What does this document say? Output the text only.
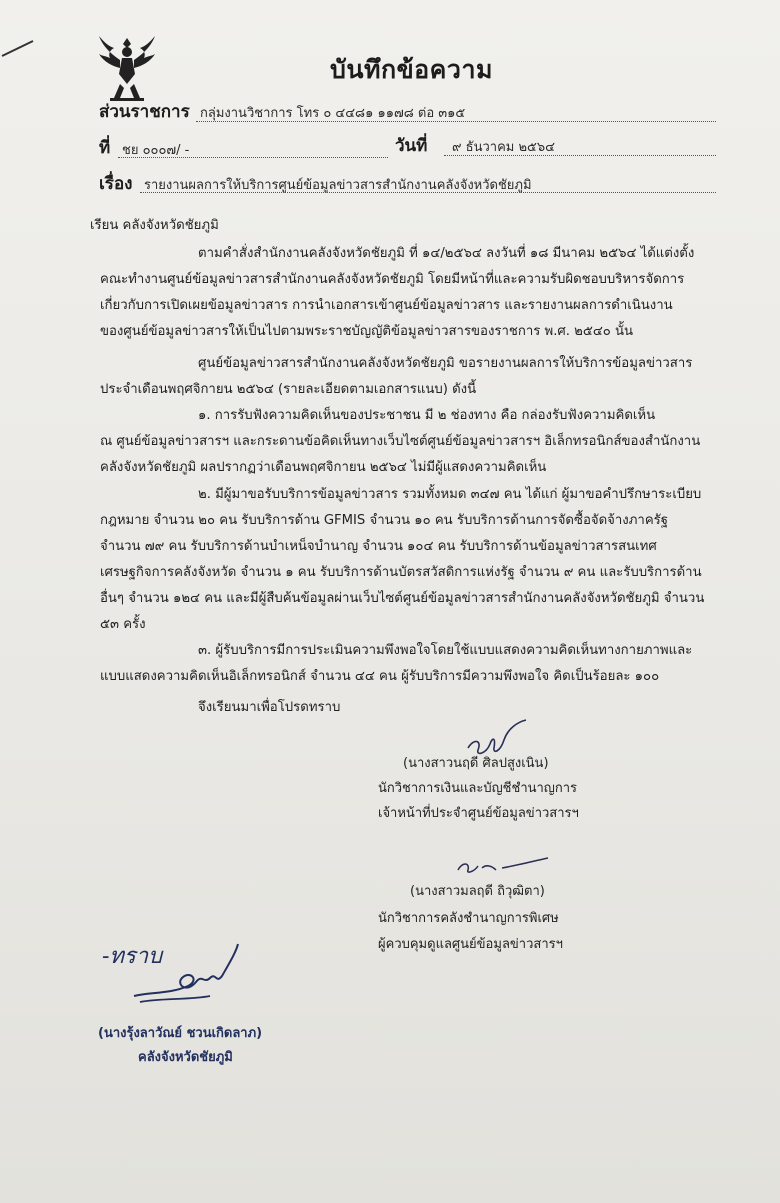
บันทึกข้อความ
ส่วนราชการ กลุ่มงานวิชาการ โทร ๐ ๔๔๘๑ ๑๑๗๘ ต่อ ๓๑๕
ที่ ชย ๐๐๐๗/ -	วันที่ ๙ ธันวาคม ๒๕๖๔
เรื่อง รายงานผลการให้บริการศูนย์ข้อมูลข่าวสารสำนักงานคลังจังหวัดชัยภูมิ
เรียน คลังจังหวัดชัยภูมิ
ตามคำสั่งสำนักงานคลังจังหวัดชัยภูมิ ที่ ๑๔/๒๕๖๔ ลงวันที่ ๑๘ มีนาคม ๒๕๖๔ ได้แต่งตั้ง
คณะทำงานศูนย์ข้อมูลข่าวสารสำนักงานคลังจังหวัดชัยภูมิ โดยมีหน้าที่และความรับผิดชอบบริหารจัดการ
เกี่ยวกับการเปิดเผยข้อมูลข่าวสาร การนำเอกสารเข้าศูนย์ข้อมูลข่าวสาร และรายงานผลการดำเนินงาน
ของศูนย์ข้อมูลข่าวสารให้เป็นไปตามพระราชบัญญัติข้อมูลข่าวสารของราชการ พ.ศ. ๒๕๔๐ นั้น
ศูนย์ข้อมูลข่าวสารสำนักงานคลังจังหวัดชัยภูมิ ขอรายงานผลการให้บริการข้อมูลข่าวสาร
ประจำเดือนพฤศจิกายน ๒๕๖๔ (รายละเอียดตามเอกสารแนบ) ดังนี้
๑. การรับฟังความคิดเห็นของประชาชน มี ๒ ช่องทาง คือ กล่องรับฟังความคิดเห็น
ณ ศูนย์ข้อมูลข่าวสารฯ และกระดานข้อคิดเห็นทางเว็บไซต์ศูนย์ข้อมูลข่าวสารฯ อิเล็กทรอนิกส์ของสำนักงาน
คลังจังหวัดชัยภูมิ ผลปรากฏว่าเดือนพฤศจิกายน ๒๕๖๔ ไม่มีผู้แสดงความคิดเห็น
๒. มีผู้มาขอรับบริการข้อมูลข่าวสาร รวมทั้งหมด ๓๔๗ คน ได้แก่ ผู้มาขอคำปรึกษาระเบียบ
กฎหมาย จำนวน ๒๐ คน รับบริการด้าน GFMIS จำนวน ๑๐ คน รับบริการด้านการจัดซื้อจัดจ้างภาครัฐ
จำนวน ๗๙ คน รับบริการด้านบำเหน็จบำนาญ จำนวน ๑๐๔ คน รับบริการด้านข้อมูลข่าวสารสนเทศ
เศรษฐกิจการคลังจังหวัด จำนวน ๑ คน รับบริการด้านบัตรสวัสดิการแห่งรัฐ จำนวน ๙ คน และรับบริการด้าน
อื่นๆ จำนวน ๑๒๔ คน และมีผู้สืบค้นข้อมูลผ่านเว็บไซต์ศูนย์ข้อมูลข่าวสารสำนักงานคลังจังหวัดชัยภูมิ จำนวน
๕๓ ครั้ง
๓. ผู้รับบริการมีการประเมินความพึงพอใจโดยใช้แบบแสดงความคิดเห็นทางกายภาพและ
แบบแสดงความคิดเห็นอิเล็กทรอนิกส์ จำนวน ๔๔ คน ผู้รับบริการมีความพึงพอใจ คิดเป็นร้อยละ ๑๐๐
จึงเรียนมาเพื่อโปรดทราบ
(นางสาวนฤดี ศิลปสูงเนิน)
นักวิชาการเงินและบัญชีชำนาญการ
เจ้าหน้าที่ประจำศูนย์ข้อมูลข่าวสารฯ
(นางสาวมลฤดี ถิวุฒิตา)
นักวิชาการคลังชำนาญการพิเศษ
ผู้ควบคุมดูแลศูนย์ข้อมูลข่าวสารฯ
-ทราบ
(นางรุ้งลาวัณย์ ชวนเกิดลาภ)
คลังจังหวัดชัยภูมิ
